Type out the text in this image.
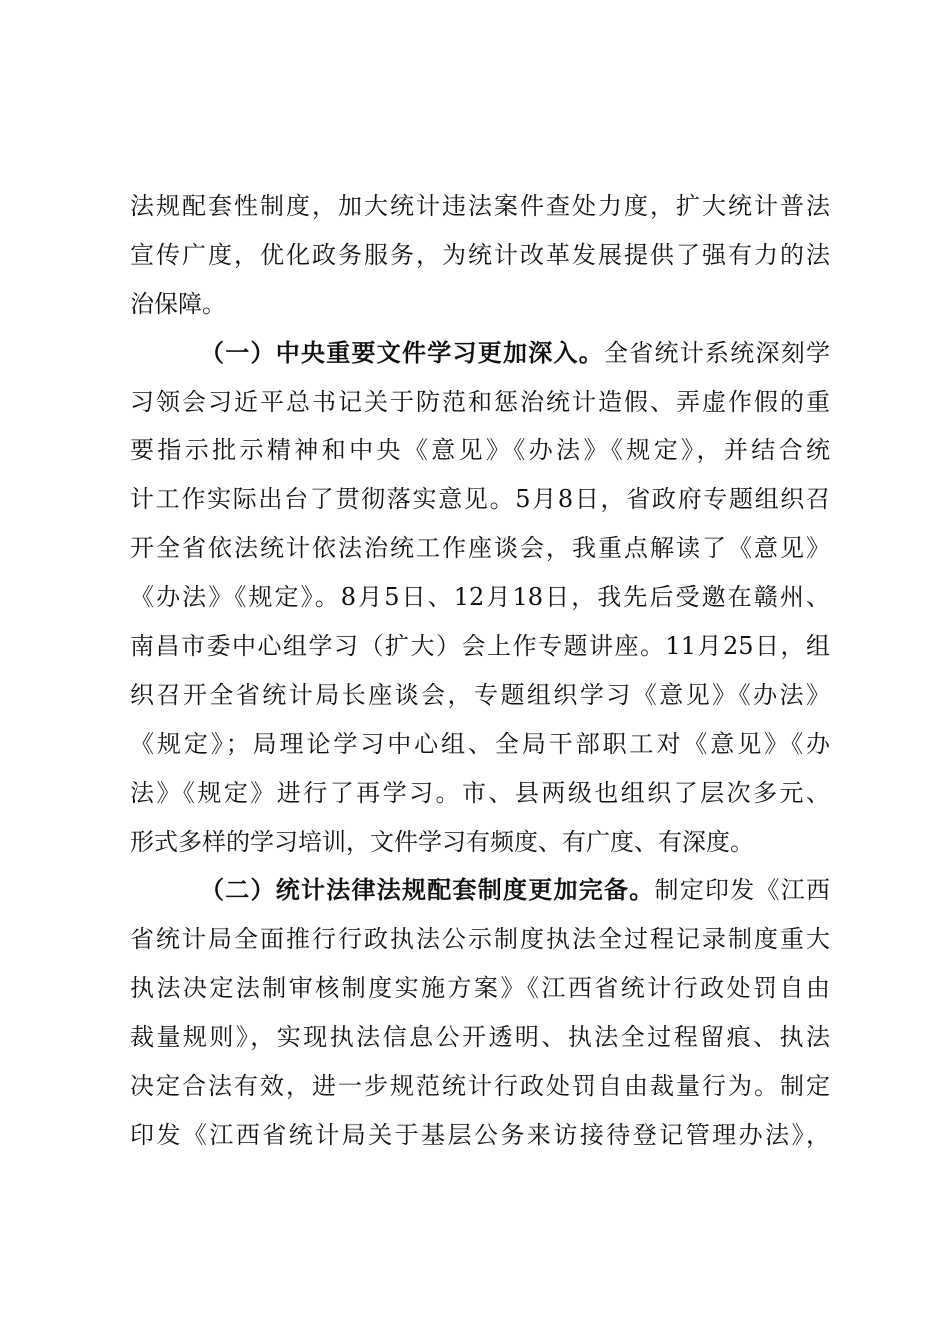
法规配套性制度，加大统计违法案件查处力度，扩大统计普法
宣传广度，优化政务服务，为统计改革发展提供了强有力的法
治保障。
（一）中央重要文件学习更加深入。全省统计系统深刻学
习领会习近平总书记关于防范和惩治统计造假、弄虚作假的重
要指示批示精神和中央《意见》《办法》《规定》，并结合统
计工作实际出台了贯彻落实意见。5月8日，省政府专题组织召
开全省依法统计依法治统工作座谈会，我重点解读了《意见》
《办法》《规定》。8月5日、12月18日，我先后受邀在赣州、
南昌市委中心组学习（扩大）会上作专题讲座。11月25日，组
织召开全省统计局长座谈会，专题组织学习《意见》《办法》
《规定》；局理论学习中心组、全局干部职工对《意见》《办
法》《规定》进行了再学习。市、县两级也组织了层次多元、
形式多样的学习培训，文件学习有频度、有广度、有深度。
（二）统计法律法规配套制度更加完备。制定印发《江西
省统计局全面推行行政执法公示制度执法全过程记录制度重大
执法决定法制审核制度实施方案》《江西省统计行政处罚自由
裁量规则》，实现执法信息公开透明、执法全过程留痕、执法
决定合法有效，进一步规范统计行政处罚自由裁量行为。制定
印发《江西省统计局关于基层公务来访接待登记管理办法》，
